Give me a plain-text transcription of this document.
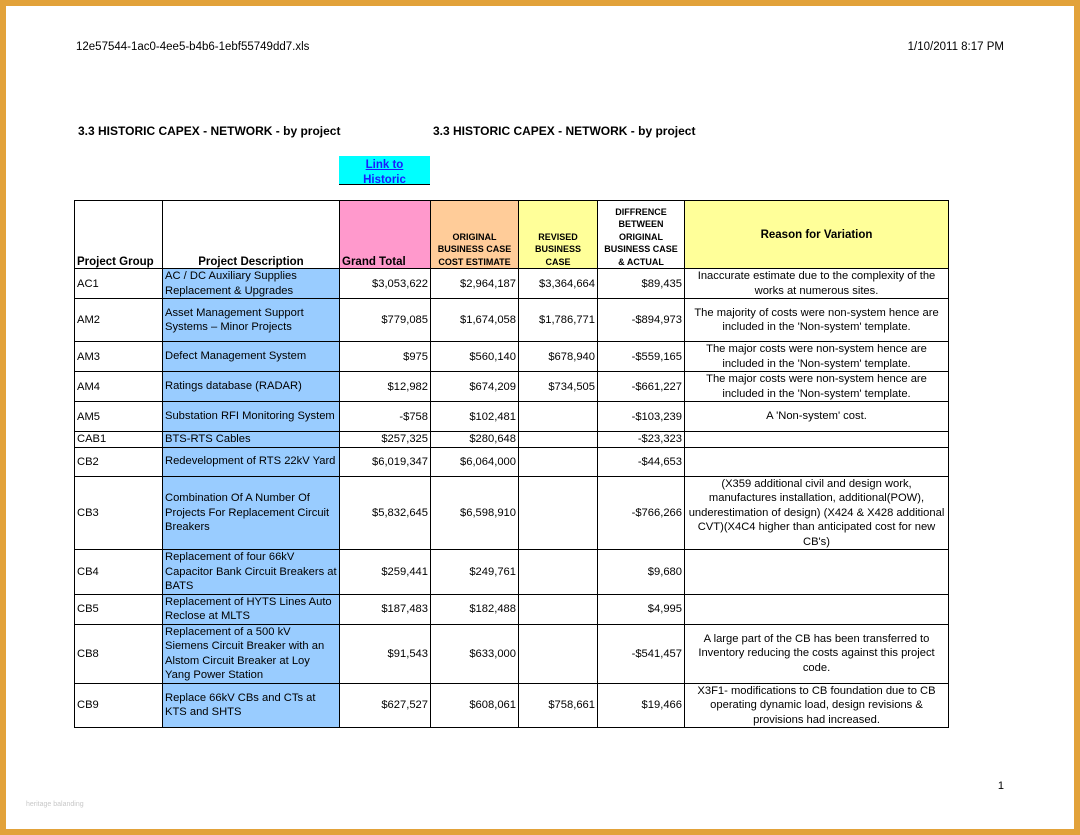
12e57544-1ac0-4ee5-b4b6-1ebf55749dd7.xls	1/10/2011 8:17 PM
3.3 HISTORIC CAPEX - NETWORK - by project	3.3 HISTORIC CAPEX - NETWORK - by project
Link to
Historic
Project Group	Project Description	Grand Total	ORIGINAL
BUSINESS CASE
COST ESTIMATE	REVISED
BUSINESS
CASE	DIFFRENCE
BETWEEN
ORIGINAL
BUSINESS CASE
& ACTUAL	Reason for Variation
AC1	AC / DC Auxiliary Supplies Replacement & Upgrades	$3,053,622	$2,964,187	$3,364,664	$89,435	Inaccurate estimate due to the complexity of the works at numerous sites.
AM2	Asset Management Support Systems – Minor Projects	$779,085	$1,674,058	$1,786,771	-$894,973	The majority of costs were non-system hence are included in the 'Non-system' template.
AM3	Defect Management System	$975	$560,140	$678,940	-$559,165	The major costs were non-system hence are included in the 'Non-system' template.
AM4	Ratings database (RADAR)	$12,982	$674,209	$734,505	-$661,227	The major costs were non-system hence are included in the 'Non-system' template.
AM5	Substation RFI Monitoring System	-$758	$102,481		-$103,239	A 'Non-system' cost.
CAB1	BTS-RTS Cables	$257,325	$280,648		-$23,323	
CB2	Redevelopment of RTS 22kV Yard	$6,019,347	$6,064,000		-$44,653	
CB3	Combination Of A Number Of Projects For Replacement Circuit Breakers	$5,832,645	$6,598,910		-$766,266	(X359 additional civil and design work, manufactures installation, additional(POW), underestimation of design) (X424 & X428 additional CVT)(X4C4 higher than anticipated cost for new CB's)
CB4	Replacement of four 66kV Capacitor Bank Circuit Breakers at BATS	$259,441	$249,761		$9,680	
CB5	Replacement of HYTS Lines Auto Reclose at MLTS	$187,483	$182,488		$4,995	
CB8	Replacement of a 500 kV Siemens Circuit Breaker with an Alstom Circuit Breaker at Loy Yang Power Station	$91,543	$633,000		-$541,457	A large part of the CB has been transferred to Inventory reducing the costs against this project code.
CB9	Replace 66kV CBs and CTs at KTS and SHTS	$627,527	$608,061	$758,661	$19,466	X3F1- modifications to CB foundation due to CB operating dynamic load, design revisions & provisions had increased.
1
heritage balanding
